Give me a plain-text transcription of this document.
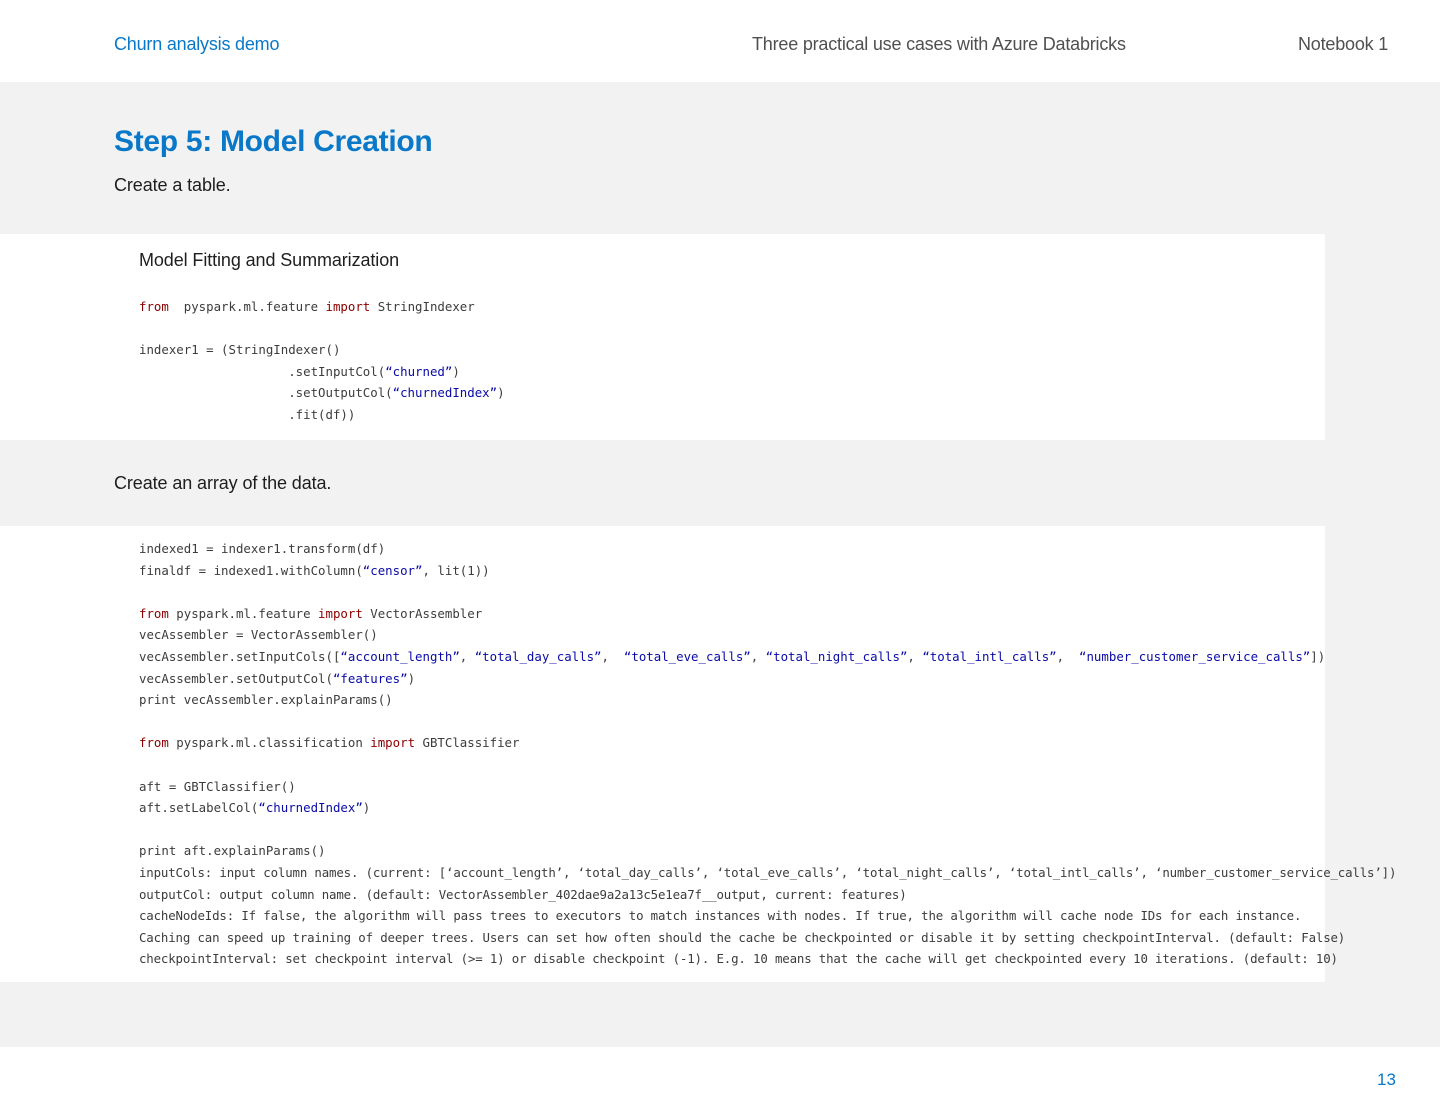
Churn analysis demo	Three practical use cases with Azure Databricks	Notebook 1
Step 5: Model Creation

Create a table.

Model Fitting and Summarization
from  pyspark.ml.feature import StringIndexer

indexer1 = (StringIndexer()
.setInputCol(“churned”)
.setOutputCol(“churnedIndex”)
.fit(df))

Create an array of the data.

indexed1 = indexer1.transform(df)
finaldf = indexed1.withColumn(“censor”, lit(1))

from pyspark.ml.feature import VectorAssembler
vecAssembler = VectorAssembler()
vecAssembler.setInputCols([“account_length”, “total_day_calls”,  “total_eve_calls”, “total_night_calls”, “total_intl_calls”,  “number_customer_service_calls”])
vecAssembler.setOutputCol(“features”)
print vecAssembler.explainParams()

from pyspark.ml.classification import GBTClassifier

aft = GBTClassifier()
aft.setLabelCol(“churnedIndex”)

print aft.explainParams()
inputCols: input column names. (current: [‘account_length’, ‘total_day_calls’, ‘total_eve_calls’, ‘total_night_calls’, ‘total_intl_calls’, ‘number_customer_service_calls’])
outputCol: output column name. (default: VectorAssembler_402dae9a2a13c5e1ea7f__output, current: features)
cacheNodeIds: If false, the algorithm will pass trees to executors to match instances with nodes. If true, the algorithm will cache node IDs for each instance.
Caching can speed up training of deeper trees. Users can set how often should the cache be checkpointed or disable it by setting checkpointInterval. (default: False)
checkpointInterval: set checkpoint interval (>= 1) or disable checkpoint (-1). E.g. 10 means that the cache will get checkpointed every 10 iterations. (default: 10)
13
